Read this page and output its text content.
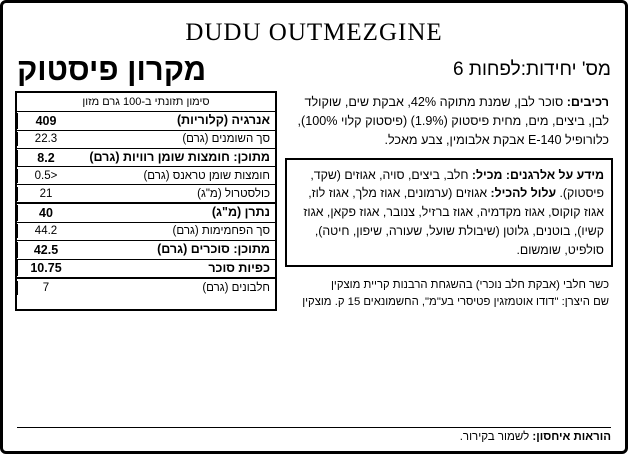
DUDU OUTMEZGINE
מקרון פיסטוק	מס' יחידות:לפחות 6
סימון תזונתי ב-100 גרם מזון
409	אנרגיה (קלוריות)
22.3	סך השומנים (גרם)
8.2	מתוכן: חומצות שומן רוויות (גרם)
<0.5	חומצות שומן טראנס (גרם)
21	כולסטרול (מ"ג)
40	נתרן (מ"ג)
44.2	סך הפחמימות (גרם)
42.5	מתוכן: סוכרים (גרם)
10.75	כפיות סוכר
7	חלבונים (גרם)
רכיבים: סוכר לבן, שמנת מתוקה 42%, אבקת שים, שוקולד לבן, ביצים, מים, מחית פיסטוק (1.9%) (פיסטוק קלוי 100%), כלורופיל E-140 אבקת אלבומין, צבע מאכל.
מידע על אלרגנים: מכיל: חלב, ביצים, סויה, אגוזים (שקד, פיסטוק). עלול להכיל: אגוזים (ערמונים, אגוז מלך, אגוז לוז, אגוז קוקוס, אגוז מקדמיה, אגוז ברזיל, צנובר, אגוז פקאן, אגוז קשיו), בוטנים, גלוטן (שיבולת שועל, שעורה, שיפון, חיטה), סולפיט, שומשום.
כשר חלבי (אבקת חלב נוכרי) בהשגחת הרבנות קריית מוצקין
שם היצרן: "דודו אוטמזגין פטיסרי בע"מ", החשמונאים 15 ק. מוצקין
הוראות איחסון: לשמור בקירור.
